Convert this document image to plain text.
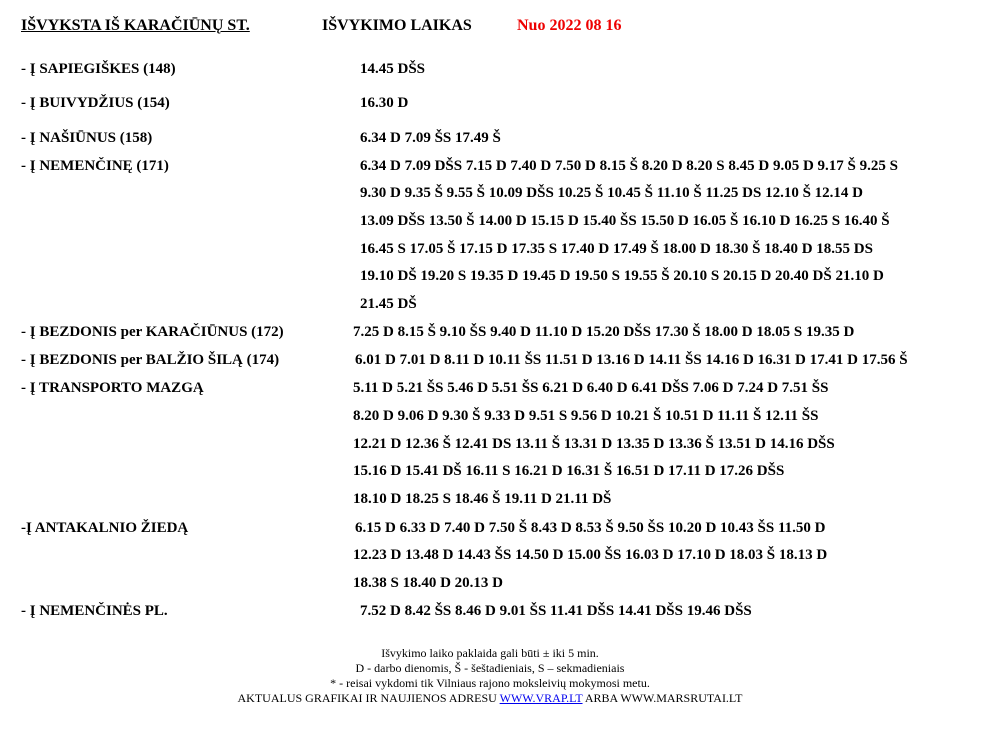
IŠVYKSTA IŠ KARAČIŪNŲ ST.	IŠVYKIMO LAIKAS	Nuo 2022 08 16
- Į SAPIEGIŠKES (148)	14.45 DŠS
- Į BUIVYDŽIUS (154)	16.30 D
- Į NAŠIŪNUS (158)	6.34 D 7.09 ŠS 17.49 Š
- Į NEMENČINĘ (171)	6.34 D 7.09 DŠS 7.15 D 7.40 D 7.50 D 8.15 Š 8.20 D 8.20 S 8.45 D 9.05 D 9.17 Š 9.25 S
9.30 D 9.35 Š 9.55 Š 10.09 DŠS 10.25 Š 10.45 Š 11.10 Š 11.25 DS 12.10 Š 12.14 D
13.09 DŠS 13.50 Š 14.00 D 15.15 D 15.40 ŠS 15.50 D 16.05 Š 16.10 D 16.25 S 16.40 Š
16.45 S 17.05 Š 17.15 D 17.35 S 17.40 D 17.49 Š 18.00 D 18.30 Š 18.40 D 18.55 DS
19.10 DŠ 19.20 S 19.35 D 19.45 D 19.50 S 19.55 Š 20.10 S 20.15 D 20.40 DŠ 21.10 D
21.45 DŠ
- Į BEZDONIS per KARAČIŪNUS (172)	7.25 D 8.15 Š 9.10 ŠS 9.40 D 11.10 D 15.20 DŠS 17.30 Š 18.00 D 18.05 S 19.35 D
- Į BEZDONIS per BALŽIO ŠILĄ (174)	6.01 D 7.01 D 8.11 D 10.11 ŠS 11.51 D 13.16 D 14.11 ŠS 14.16 D 16.31 D 17.41 D 17.56 Š
- Į TRANSPORTO MAZGĄ	5.11 D 5.21 ŠS 5.46 D 5.51 ŠS 6.21 D 6.40 D 6.41 DŠS 7.06 D 7.24 D 7.51 ŠS
8.20 D 9.06 D 9.30 Š 9.33 D 9.51 S 9.56 D 10.21 Š 10.51 D 11.11 Š 12.11 ŠS
12.21 D 12.36 Š 12.41 DS 13.11 Š 13.31 D 13.35 D 13.36 Š 13.51 D 14.16 DŠS
15.16 D 15.41 DŠ 16.11 S 16.21 D 16.31 Š 16.51 D 17.11 D 17.26 DŠS
18.10 D 18.25 S 18.46 Š 19.11 D 21.11 DŠ
-Į ANTAKALNIO ŽIEDĄ	6.15 D 6.33 D 7.40 D 7.50 Š 8.43 D 8.53 Š 9.50 ŠS 10.20 D 10.43 ŠS 11.50 D
12.23 D 13.48 D 14.43 ŠS 14.50 D 15.00 ŠS 16.03 D 17.10 D 18.03 Š 18.13 D
18.38 S 18.40 D 20.13 D
- Į NEMENČINĖS PL.	7.52 D 8.42 ŠS 8.46 D 9.01 ŠS 11.41 DŠS 14.41 DŠS 19.46 DŠS
Išvykimo laiko paklaida gali būti ± iki 5 min.
D - darbo dienomis, Š - šeštadieniais, S – sekmadieniais
* - reisai vykdomi tik Vilniaus rajono moksleivių mokymosi metu.
AKTUALUS GRAFIKAI IR NAUJIENOS ADRESU WWW.VRAP.LT ARBA WWW.MARSRUTAI.LT
